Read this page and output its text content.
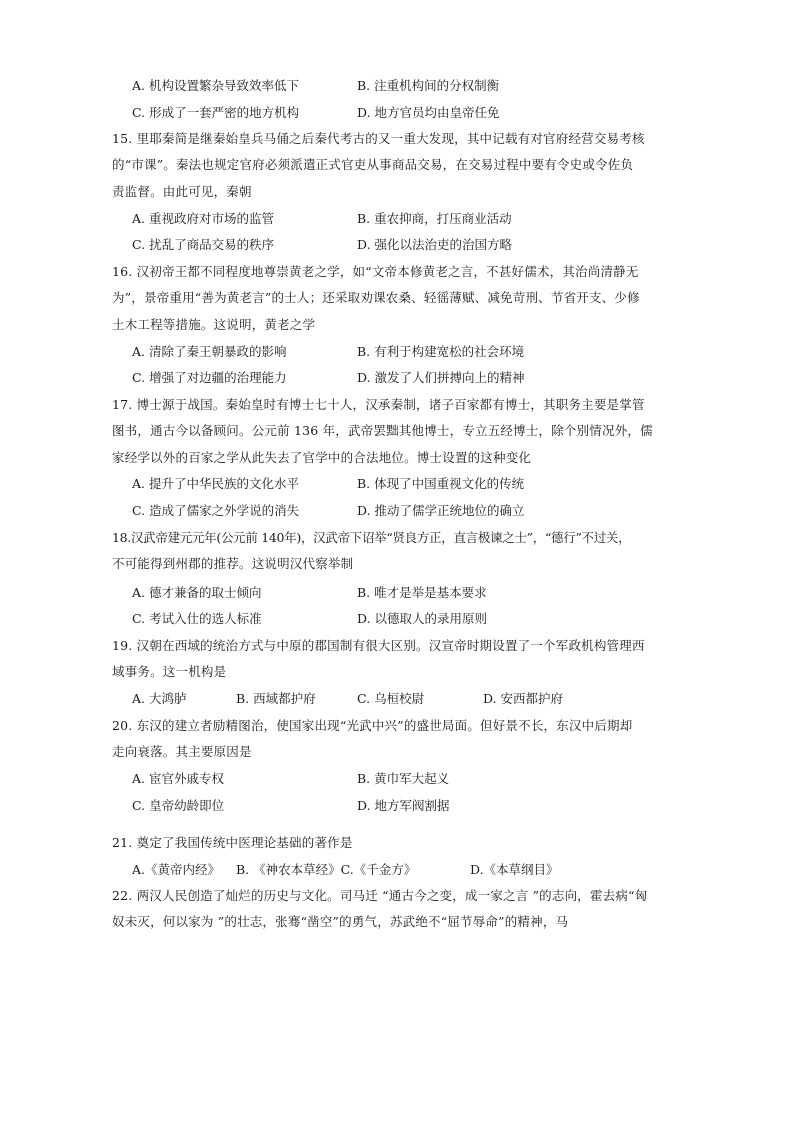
A. 机构设置繁杂导致效率低下	B. 注重机构间的分权制衡
C. 形成了一套严密的地方机构	D. 地方官员均由皇帝任免
15. 里耶秦简是继秦始皇兵马俑之后秦代考古的又一重大发现，其中记载有对官府经营交易考核
的“市课”。秦法也规定官府必须派遣正式官吏从事商品交易，在交易过程中要有令史或令佐负
责监督。由此可见，秦朝
A. 重视政府对市场的监管	B. 重农抑商，打压商业活动
C. 扰乱了商品交易的秩序	D. 强化以法治吏的治国方略
16. 汉初帝王都不同程度地尊崇黄老之学，如“文帝本修黄老之言，不甚好儒术，其治尚清静无
为”，景帝重用“善为黄老言”的士人；还采取劝课农桑、轻徭薄赋、减免苛刑、节省开支、少修
土木工程等措施。这说明，黄老之学
A. 清除了秦王朝暴政的影响	B. 有利于构建宽松的社会环境
C. 增强了对边疆的治理能力	D. 激发了人们拼搏向上的精神
17. 博士源于战国。秦始皇时有博士七十人，汉承秦制，诸子百家都有博士，其职务主要是掌管
图书，通古今以备顾问。公元前 136 年，武帝罢黜其他博士，专立五经博士，除个别情况外，儒
家经学以外的百家之学从此失去了官学中的合法地位。博士设置的这种变化
A. 提升了中华民族的文化水平	B. 体现了中国重视文化的传统
C. 造成了儒家之外学说的消失	D. 推动了儒学正统地位的确立
18.汉武帝建元元年(公元前 140年)，汉武帝下诏举“贤良方正，直言极谏之士”，“德行”不过关，
不可能得到州郡的推荐。这说明汉代察举制
A. 德才兼备的取士倾向	B. 唯才是举是基本要求
C. 考试入仕的选人标准	D. 以德取人的录用原则
19. 汉朝在西域的统治方式与中原的郡国制有很大区别。汉宣帝时期设置了一个军政机构管理西
域事务。这一机构是
A. 大鸿胪	B. 西域都护府	C. 乌桓校尉	D. 安西都护府
20. 东汉的建立者励精图治，使国家出现“光武中兴”的盛世局面。但好景不长，东汉中后期却
走向衰落。其主要原因是
A. 宦官外戚专权	B. 黄巾军大起义
C. 皇帝幼龄即位	D. 地方军阀割据
21. 奠定了我国传统中医理论基础的著作是
A.《黄帝内经》 B. 《神农本草经》C.《千金方》	D.《本草纲目》
22. 两汉人民创造了灿烂的历史与文化。司马迁 “通古今之变，成一家之言 ”的志向，霍去病“匈
奴未灭，何以家为 ”的壮志，张骞“凿空”的勇气，苏武绝不“屈节辱命”的精神，马
